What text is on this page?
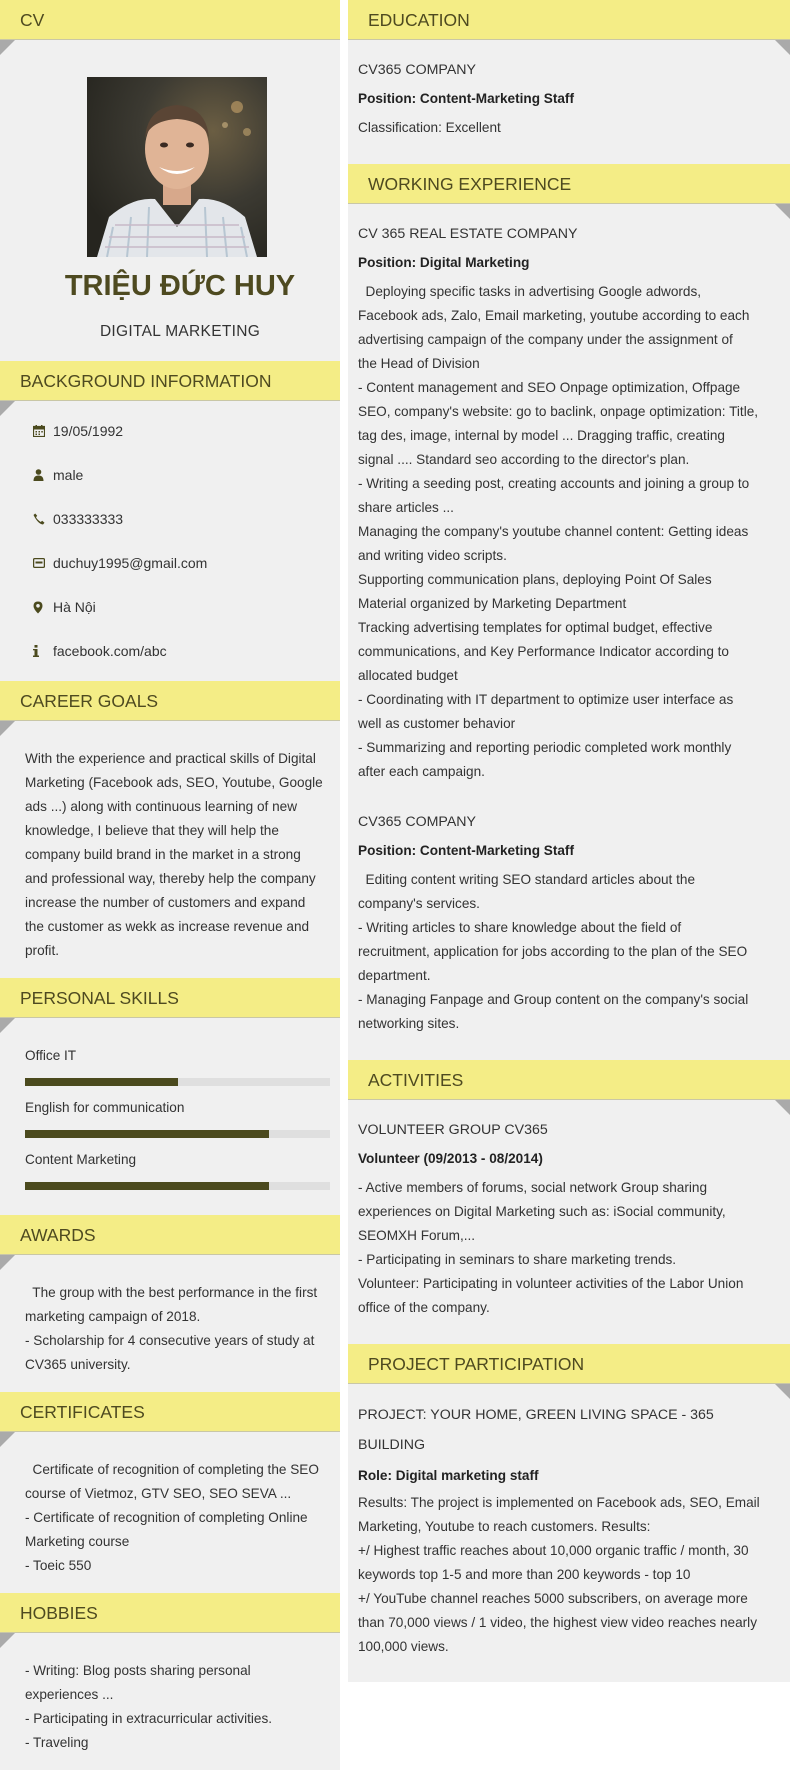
CV
TRIỆU ĐỨC HUY
DIGITAL MARKETING
BACKGROUND INFORMATION
19/05/1992
male
033333333
duchuy1995@gmail.com
Hà Nội
facebook.com/abc
CAREER GOALS
With the experience and practical skills of Digital
Marketing (Facebook ads, SEO, Youtube, Google
ads ...) along with continuous learning of new
knowledge, I believe that they will help the
company build brand in the market in a strong
and professional way, thereby help the company
increase the number of customers and expand
the customer as wekk as increase revenue and
profit.
PERSONAL SKILLS
Office IT
English for communication
Content Marketing
AWARDS
The group with the best performance in the first
marketing campaign of 2018.
- Scholarship for 4 consecutive years of study at
CV365 university.
CERTIFICATES
Certificate of recognition of completing the SEO
course of Vietmoz, GTV SEO, SEO SEVA ...
- Certificate of recognition of completing Online
Marketing course
- Toeic 550
HOBBIES
- Writing: Blog posts sharing personal
experiences ...
- Participating in extracurricular activities.
- Traveling
EDUCATION
CV365 COMPANY
Position: Content-Marketing Staff
Classification: Excellent
WORKING EXPERIENCE
CV 365 REAL ESTATE COMPANY
Position: Digital Marketing
Deploying specific tasks in advertising Google adwords,
Facebook ads, Zalo, Email marketing, youtube according to each
advertising campaign of the company under the assignment of
the Head of Division
- Content management and SEO Onpage optimization, Offpage
SEO, company's website: go to baclink, onpage optimization: Title,
tag des, image, internal by model ... Dragging traffic, creating
signal .... Standard seo according to the director's plan.
- Writing a seeding post, creating accounts and joining a group to
share articles ...
Managing the company's youtube channel content: Getting ideas
and writing video scripts.
Supporting communication plans, deploying Point Of Sales
Material organized by Marketing Department
Tracking advertising templates for optimal budget, effective
communications, and Key Performance Indicator according to
allocated budget
- Coordinating with IT department to optimize user interface as
well as customer behavior
- Summarizing and reporting periodic completed work monthly
after each campaign.
CV365 COMPANY
Position: Content-Marketing Staff
Editing content writing SEO standard articles about the
company's services.
- Writing articles to share knowledge about the field of
recruitment, application for jobs according to the plan of the SEO
department.
- Managing Fanpage and Group content on the company's social
networking sites.
ACTIVITIES
VOLUNTEER GROUP CV365
Volunteer (09/2013 - 08/2014)
- Active members of forums, social network Group sharing
experiences on Digital Marketing such as: iSocial community,
SEOMXH Forum,...
- Participating in seminars to share marketing trends.
Volunteer: Participating in volunteer activities of the Labor Union
office of the company.
PROJECT PARTICIPATION
PROJECT: YOUR HOME, GREEN LIVING SPACE - 365
BUILDING
Role: Digital marketing staff
Results: The project is implemented on Facebook ads, SEO, Email
Marketing, Youtube to reach customers. Results:
+/ Highest traffic reaches about 10,000 organic traffic / month, 30
keywords top 1-5 and more than 200 keywords - top 10
+/ YouTube channel reaches 5000 subscribers, on average more
than 70,000 views / 1 video, the highest view video reaches nearly
100,000 views.
